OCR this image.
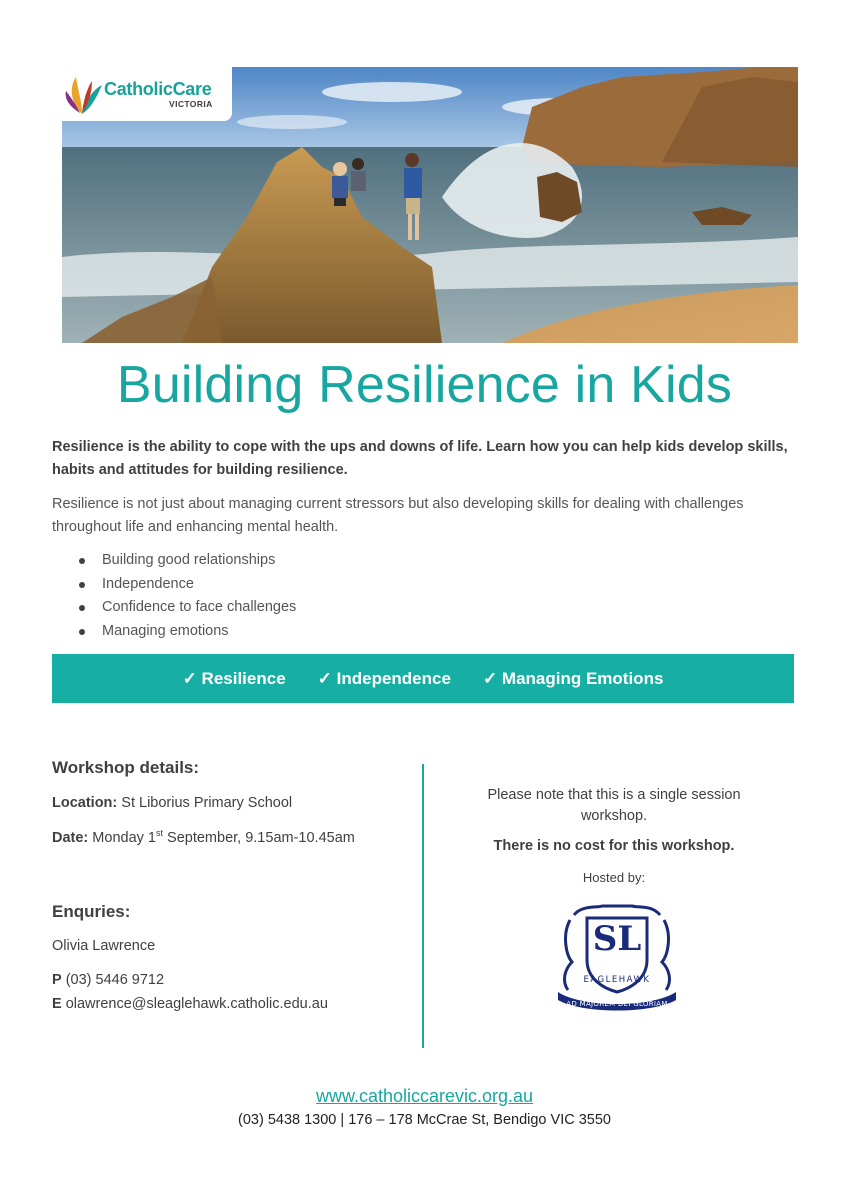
CatholicCare
VICTORIA
Building Resilience in Kids

Resilience is the ability to cope with the ups and downs of life. Learn how you can help kids develop skills, habits and attitudes for building resilience.

Resilience is not just about managing current stressors but also developing skills for dealing with challenges throughout life and enhancing mental health.

Building good relationships
Independence
Confidence to face challenges
Managing emotions
✓ Resilience ✓ Independence ✓ Managing Emotions
Workshop details:
Location: St Liborius Primary School
Date: Monday 1st September, 9.15am-10.45am
Enquries:
Olivia Lawrence
P (03) 5446 9712
E olawrence@sleaglehawk.catholic.edu.au
Please note that this is a single session workshop.
There is no cost for this workshop.
Hosted by:
SL
EAGLEHAWK
AD MAJOREM DEI GLORIAM
www.catholiccarevic.org.au
(03) 5438 1300 | 176 – 178 McCrae St, Bendigo VIC 3550
